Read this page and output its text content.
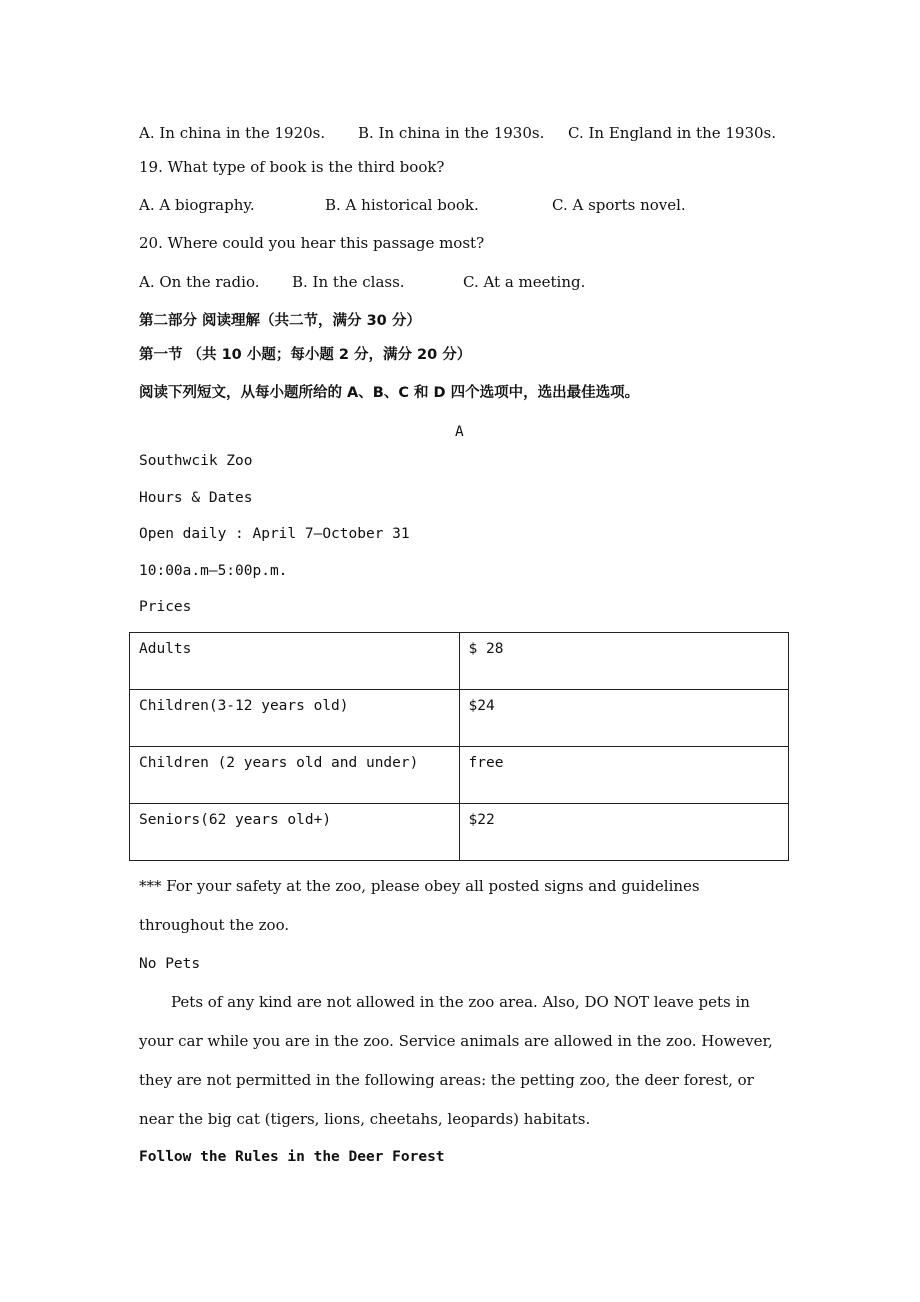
A. In china in the 1920s. B. In china in the 1930s. C. In England in the 1930s.
19. What type of book is the third book?
A. A biography.	B. A historical book.	C. A sports novel.
20. Where could you hear this passage most?
A. On the radio. B. In the class.	C. At a meeting.
第二部分 阅读理解（共二节，满分 30 分）
第一节 （共 10 小题；每小题 2 分，满分 20 分）
阅读下列短文，从每小题所给的 A、B、C 和 D 四个选项中，选出最佳选项。
A
Southwcik Zoo
Hours & Dates
Open daily : April 7—October 31
10:00a.m—5:00p.m.
Prices
Adults	$ 28
Children(3-12 years old)	$24
Children (2 years old and under)	free
Seniors(62 years old+)	$22
*** For your safety at the zoo, please obey all posted signs and guidelines throughout the zoo.
No Pets
Pets of any kind are not allowed in the zoo area. Also, DO NOT leave pets in your car while you are in the zoo. Service animals are allowed in the zoo. However, they are not permitted in the following areas: the petting zoo, the deer forest, or near the big cat (tigers, lions, cheetahs, leopards) habitats.
Follow the Rules in the Deer Forest
